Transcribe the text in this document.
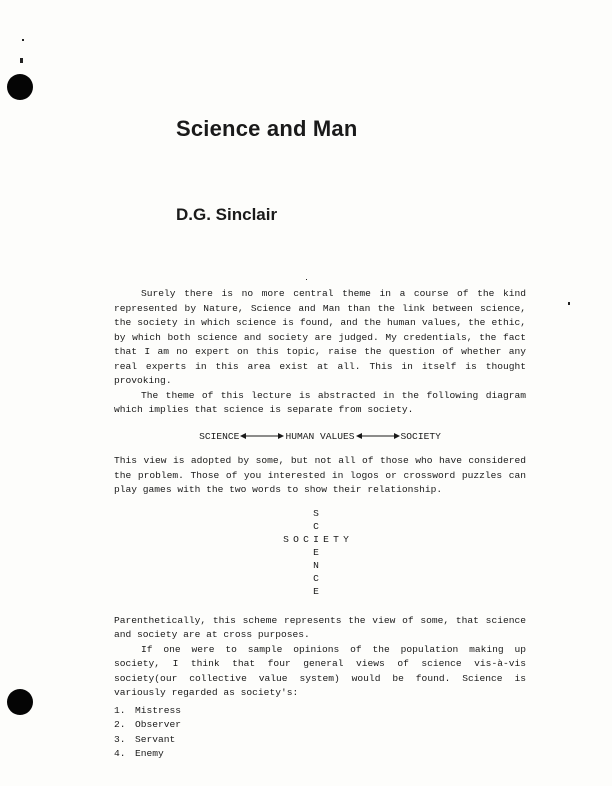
Science and Man
D.G. Sinclair

Surely there is no more central theme in a course of the kind represented by Nature, Science and Man than the link between science, the society in which science is found, and the human values, the ethic, by which both science and society are judged. My credentials, the fact that I am no expert on this topic, raise the question of whether any real experts in this area exist at all. This in itself is thought provoking.

The theme of this lecture is abstracted in the following diagram which implies that science is separate from society.

SCIENCE	HUMAN VALUES	SOCIETY

This view is adopted by some, but not all of those who have considered the problem. Those of you interested in logos or crossword puzzles can play games with the two words to show their relationship.

S
C
I
E
N
C
E
S O C E T Y

Parenthetically, this scheme represents the view of some, that science and society are at cross purposes.

If one were to sample opinions of the population making up society, I think that four general views of science vis-à-vis society(our collective value system) would be found. Science is variously regarded as society's:

1. Mistress
2. Observer
3. Servant
4. Enemy
